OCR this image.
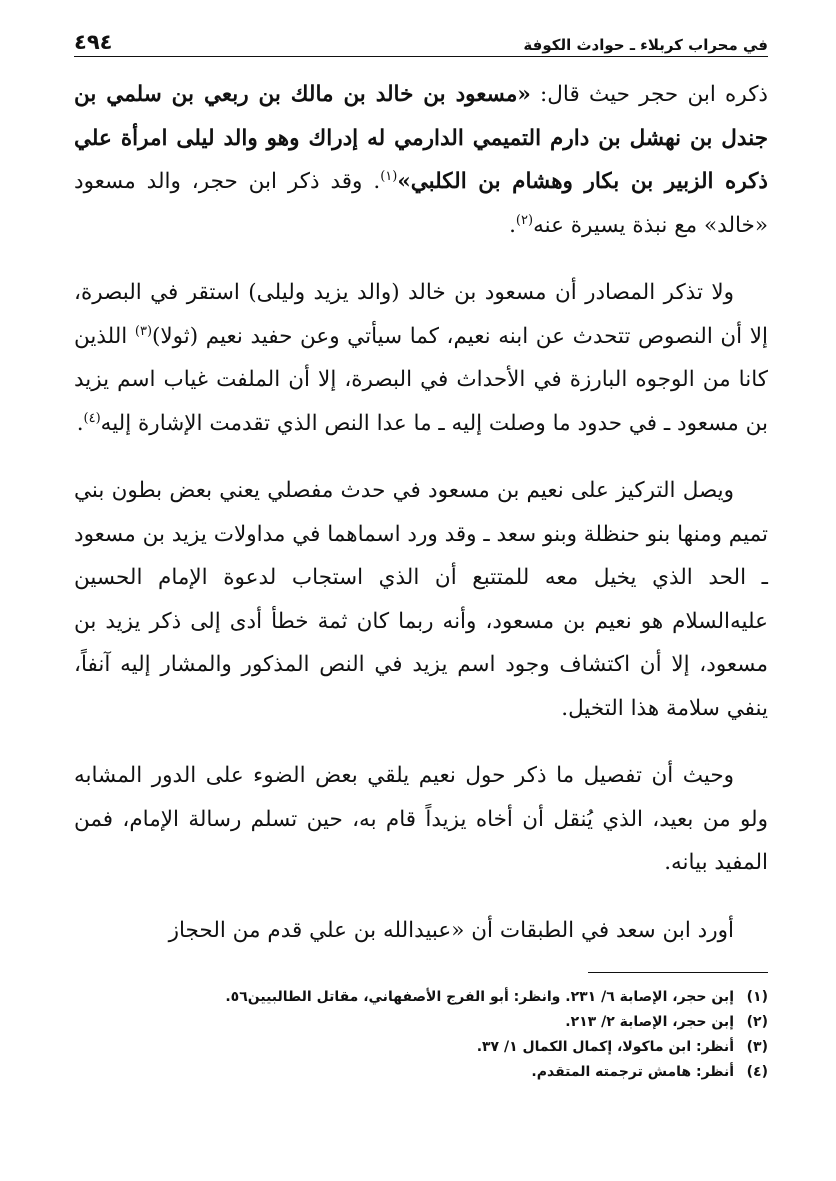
في محراب كربلاء ـ حوادث الكوفة
٤٩٤

ذكره ابن حجر حيث قال: «مسعود بن خالد بن مالك بن ربعي بن سلمي بن جندل بن نهشل بن دارم التميمي الدارمي له إدراك وهو والد ليلى امرأة علي ذكره الزبير بن بكار وهشام بن الكلبي»$^{(١)}$. وقد ذكر ابن حجر، والد مسعود «خالد» مع نبذة يسيرة عنه$^{(٢)}$.

ولا تذكر المصادر أن مسعود بن خالد (والد يزيد وليلى) استقر في البصرة، إلا أن النصوص تتحدث عن ابنه نعيم، كما سيأتي وعن حفيد نعيم (ثولا)$^{(٣)}$ اللذين كانا من الوجوه البارزة في الأحداث في البصرة، إلا أن الملفت غياب اسم يزيد بن مسعود ـ في حدود ما وصلت إليه ـ ما عدا النص الذي تقدمت الإشارة إليه$^{(٤)}$.

ويصل التركيز على نعيم بن مسعود في حدث مفصلي يعني بعض بطون بني تميم ومنها بنو حنظلة وبنو سعد ـ وقد ورد اسماهما في مداولات يزيد بن مسعود ـ الحد الذي يخيل معه للمتتبع أن الذي استجاب لدعوة الإمام الحسين عليه‌السلام هو نعيم بن مسعود، وأنه ربما كان ثمة خطأ أدى إلى ذكر يزيد بن مسعود، إلا أن اكتشاف وجود اسم يزيد في النص المذكور والمشار إليه آنفاً، ينفي سلامة هذا التخيل.

وحيث أن تفصيل ما ذكر حول نعيم يلقي بعض الضوء على الدور المشابه ولو من بعيد، الذي يُنقل أن أخاه يزيداً قام به، حين تسلم رسالة الإمام، فمن المفيد بيانه.

أورد ابن سعد في الطبقات أن «عبيدالله بن علي قدم من الحجاز

(١)
إبن حجر، الإصابة ٦/ ٢٣١. وانظر: أبو الفرج الأصفهاني، مقاتل الطالبيين٥٦.
(٢)
إبن حجر، الإصابة ٢/ ٢١٣.
(٣)
أنظر: ابن ماكولا، إكمال الكمال ١/ ٣٧.
(٤)
أنظر: هامش ترجمته المتقدم.
